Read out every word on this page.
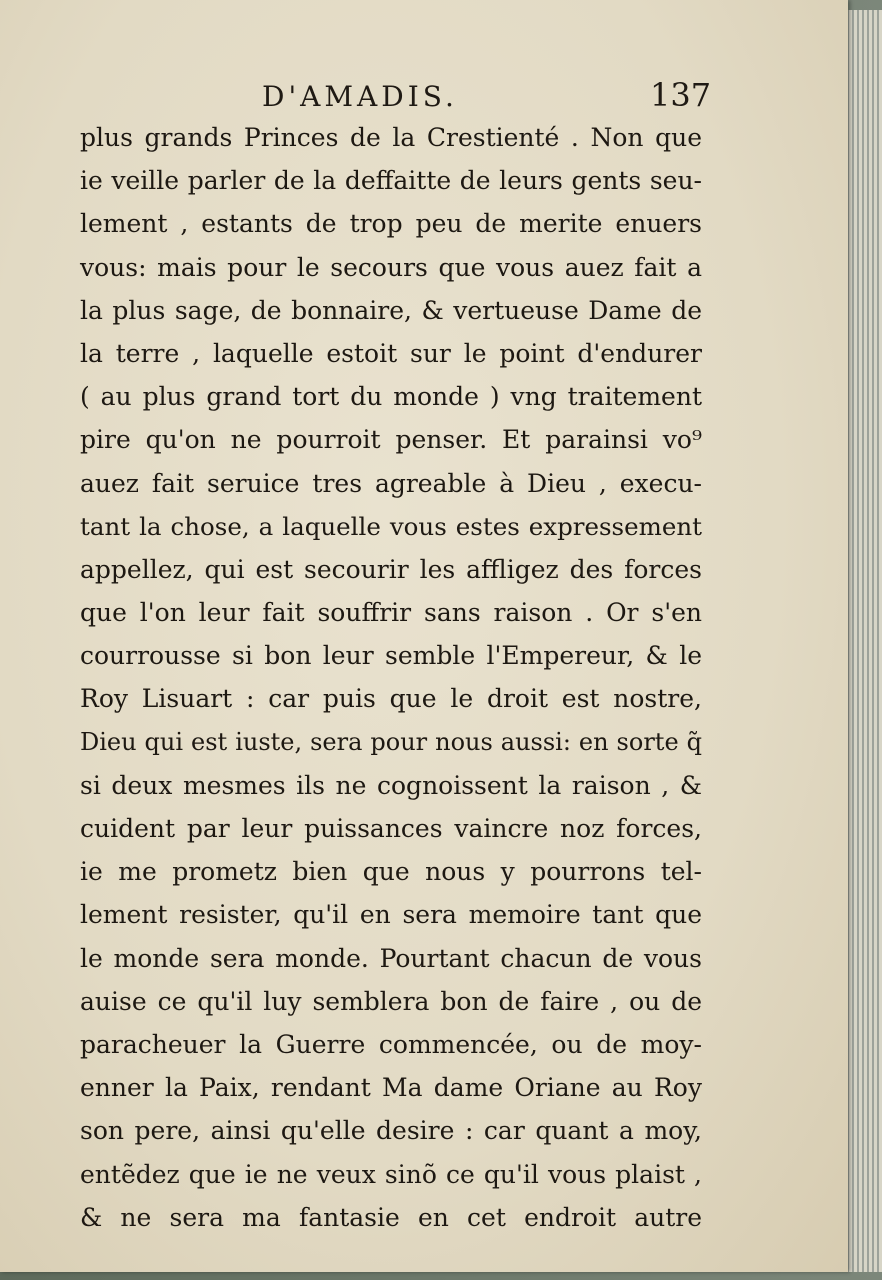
D'AMADIS.	137
plus grands Princes de la Crestienté . Non que
ie veille parler de la deffaitte de leurs gents seu-
lement , estants de trop peu de merite enuers
vous: mais pour le secours que vous auez fait a
la plus sage, de bonnaire, & vertueuse Dame de
la terre , laquelle estoit sur le point d'endurer
( au plus grand tort du monde ) vng traitement
pire qu'on ne pourroit penser. Et parainsi vo⁹
auez fait seruice tres agreable à Dieu , execu-
tant la chose, a laquelle vous estes expressement
appellez, qui est secourir les affligez des forces
que l'on leur fait souffrir sans raison . Or s'en
courrousse si bon leur semble l'Empereur, & le
Roy Lisuart : car puis que le droit est nostre,
Dieu qui est iuste, sera pour nous aussi: en sorte q̃
si deux mesmes ils ne cognoissent la raison , &
cuident par leur puissances vaincre noz forces,
ie me prometz bien que nous y pourrons tel-
lement resister, qu'il en sera memoire tant que
le monde sera monde. Pourtant chacun de vous
auise ce qu'il luy semblera bon de faire , ou de
paracheuer la Guerre commencée, ou de moy-
enner la Paix, rendant Ma dame Oriane au Roy
son pere, ainsi qu'elle desire : car quant a moy,
entẽdez que ie ne veux sinõ ce qu'il vous plaist ,
& ne sera ma fantasie en cet endroit autre
